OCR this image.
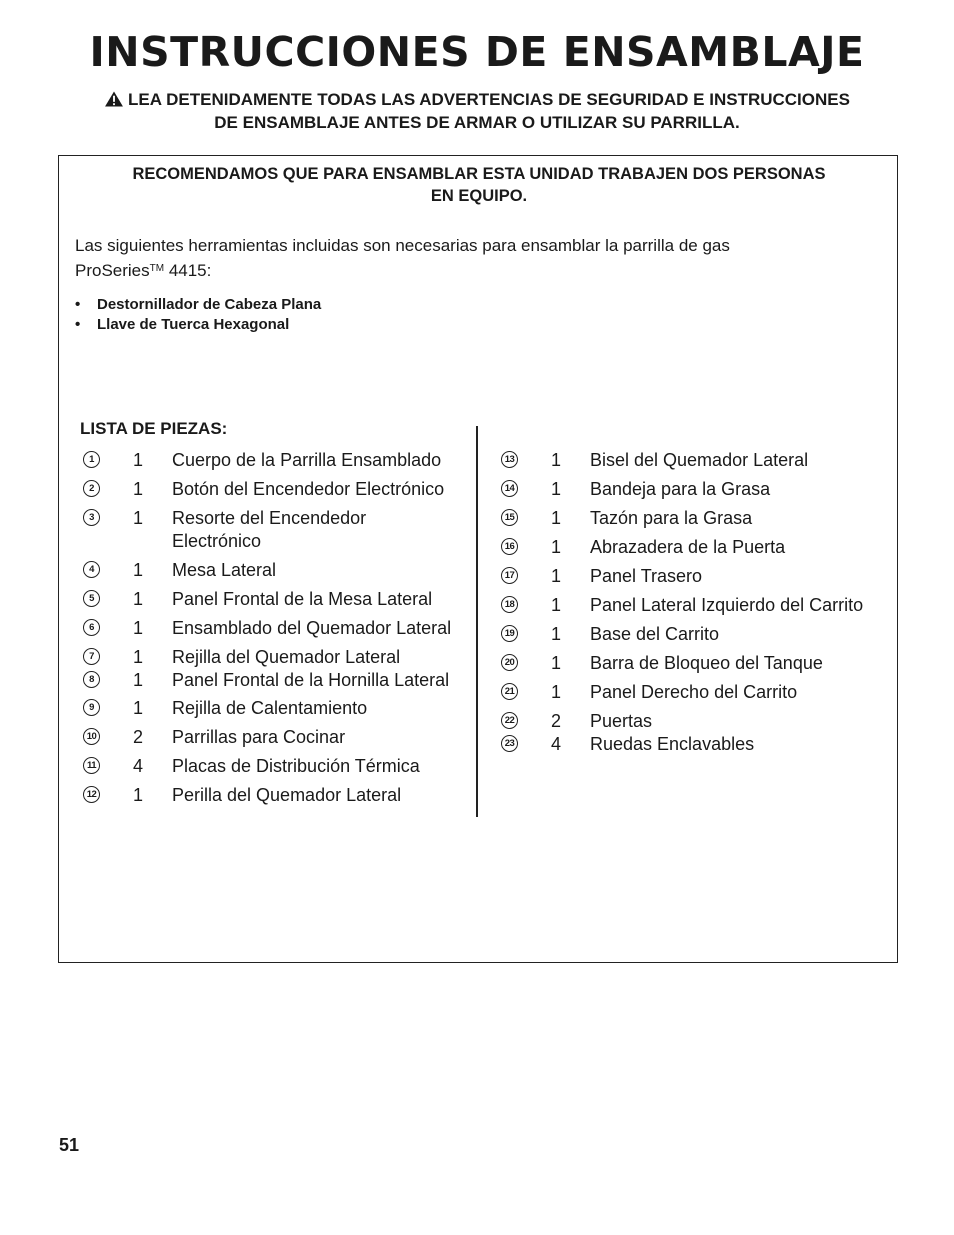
INSTRUCCIONES DE ENSAMBLAJE
LEA DETENIDAMENTE TODAS LAS ADVERTENCIAS DE SEGURIDAD E INSTRUCCIONES
DE ENSAMBLAJE ANTES DE ARMAR O UTILIZAR SU PARRILLA.
RECOMENDAMOS QUE PARA ENSAMBLAR ESTA UNIDAD TRABAJEN DOS PERSONAS
EN EQUIPO.
Las siguientes herramientas incluidas son necesarias para ensamblar la parrilla de gas
ProSeries™ 4415:
• Destornillador de Cabeza Plana
• Llave de Tuerca Hexagonal
LISTA DE PIEZAS:
1	1 Cuerpo de la Parrilla Ensamblado
2	1 Botón del Encendedor Electrónico
3	1 Resorte del Encendedor
Electrónico
4	1 Mesa Lateral
5	1 Panel Frontal de la Mesa Lateral
6	1 Ensamblado del Quemador Lateral
7	1 Rejilla del Quemador Lateral
8	1 Panel Frontal de la Hornilla Lateral
9	1 Rejilla de Calentamiento
10 2 Parrillas para Cocinar
11 4 Placas de Distribución Térmica
12 1 Perilla del Quemador Lateral
13 1 Bisel del Quemador Lateral
14 1 Bandeja para la Grasa
15 1 Tazón para la Grasa
16 1 Abrazadera de la Puerta
17 1 Panel Trasero
18 1 Panel Lateral Izquierdo del Carrito
19 1 Base del Carrito
20 1 Barra de Bloqueo del Tanque
21 1 Panel Derecho del Carrito
22 2 Puertas
23 4 Ruedas Enclavables
51
